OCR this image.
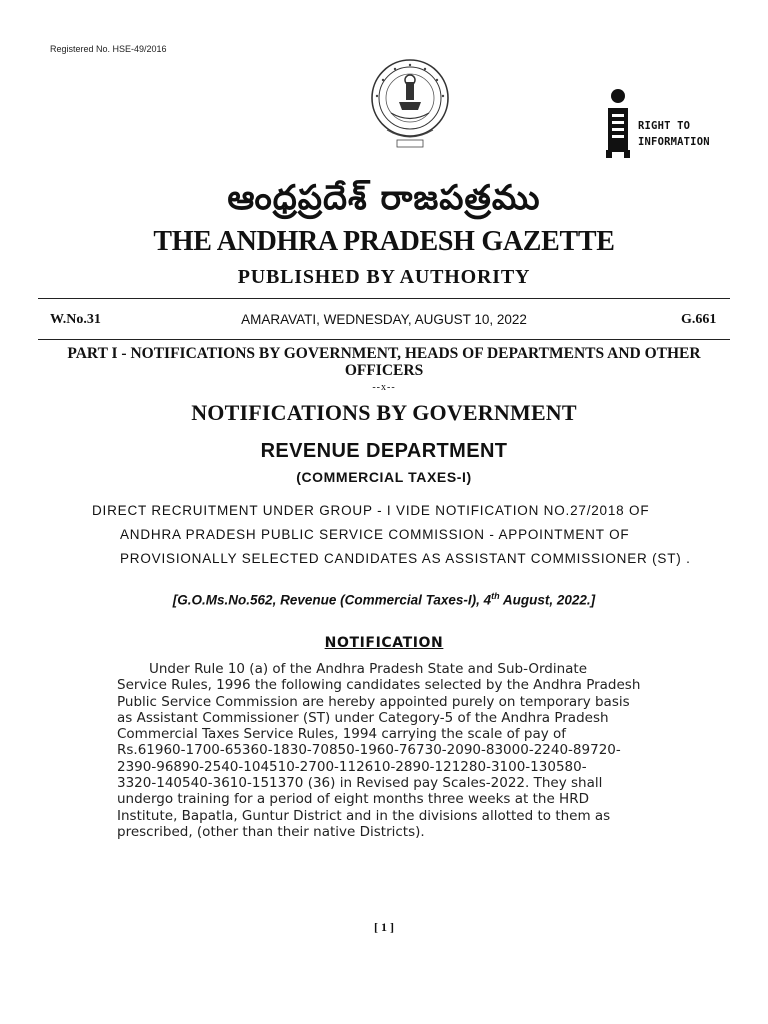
Registered No. HSE-49/2016
RIGHT TO
INFORMATION
ఆంధ్రప్రదేశ్ రాజపత్రము
THE ANDHRA PRADESH GAZETTE
PUBLISHED BY AUTHORITY
W.No.31	AMARAVATI, WEDNESDAY, AUGUST 10, 2022	G.661
PART I - NOTIFICATIONS BY GOVERNMENT, HEADS OF DEPARTMENTS AND OTHER OFFICERS
--x--
NOTIFICATIONS BY GOVERNMENT
REVENUE DEPARTMENT
(COMMERCIAL TAXES-I)
DIRECT RECRUITMENT UNDER GROUP - I VIDE NOTIFICATION NO.27/2018 OF
ANDHRA PRADESH PUBLIC SERVICE COMMISSION - APPOINTMENT OF
PROVISIONALLY SELECTED CANDIDATES AS ASSISTANT COMMISSIONER (ST) .
[G.O.Ms.No.562, Revenue (Commercial Taxes-I), 4th August, 2022.]
NOTIFICATION
Under Rule 10 (a) of the Andhra Pradesh State and Sub-Ordinate
Service Rules, 1996 the following candidates selected by the Andhra Pradesh
Public Service Commission are hereby appointed purely on temporary basis
as Assistant Commissioner (ST) under Category-5 of the Andhra Pradesh
Commercial Taxes Service Rules, 1994 carrying the scale of pay of
Rs.61960-1700-65360-1830-70850-1960-76730-2090-83000-2240-89720-
2390-96890-2540-104510-2700-112610-2890-121280-3100-130580-
3320-140540-3610-151370 (36) in Revised pay Scales-2022. They shall
undergo training for a period of eight months three weeks at the HRD
Institute, Bapatla, Guntur District and in the divisions allotted to them as
prescribed, (other than their native Districts).
[ 1 ]
